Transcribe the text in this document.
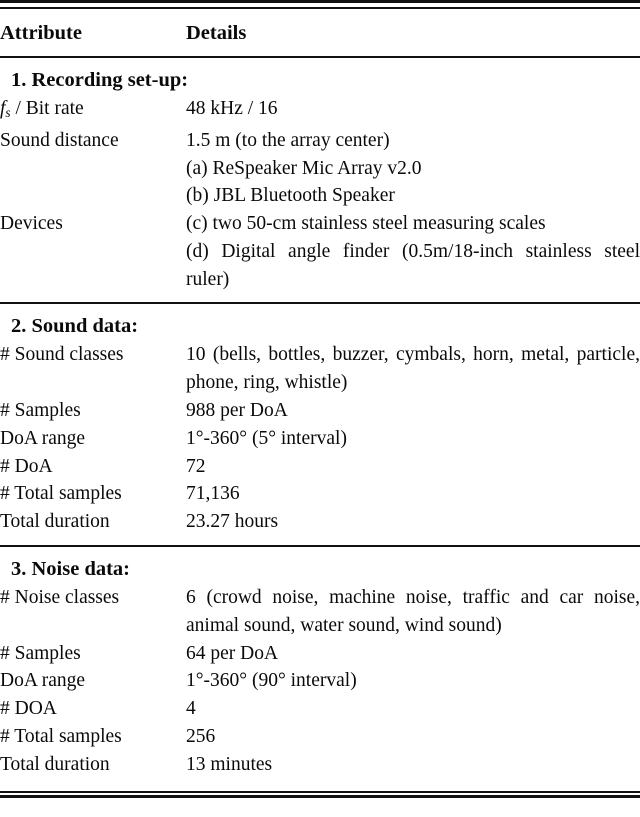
Attribute	Details
1. Recording set-up:
$f_s$ / Bit rate	48 kHz / 16
Sound distance	1.5 m (to the array center)
Devices	(a) ReSpeaker Mic Array v2.0
(b) JBL Bluetooth Speaker
(c) two 50-cm stainless steel measuring scales
(d) Digital angle finder (0.5m/18-inch stainless steel ruler)
2. Sound data:
# Sound classes	10 (bells, bottles, buzzer, cymbals, horn, metal, particle, phone, ring, whistle)
# Samples	988 per DoA
DoA range	1°-360° (5° interval)
# DoA	72
# Total samples	71,136
Total duration	23.27 hours
3. Noise data:
# Noise classes	6 (crowd noise, machine noise, traffic and car noise, animal sound, water sound, wind sound)
# Samples	64 per DoA
DoA range	1°-360° (90° interval)
# DOA	4
# Total samples	256
Total duration	13 minutes
